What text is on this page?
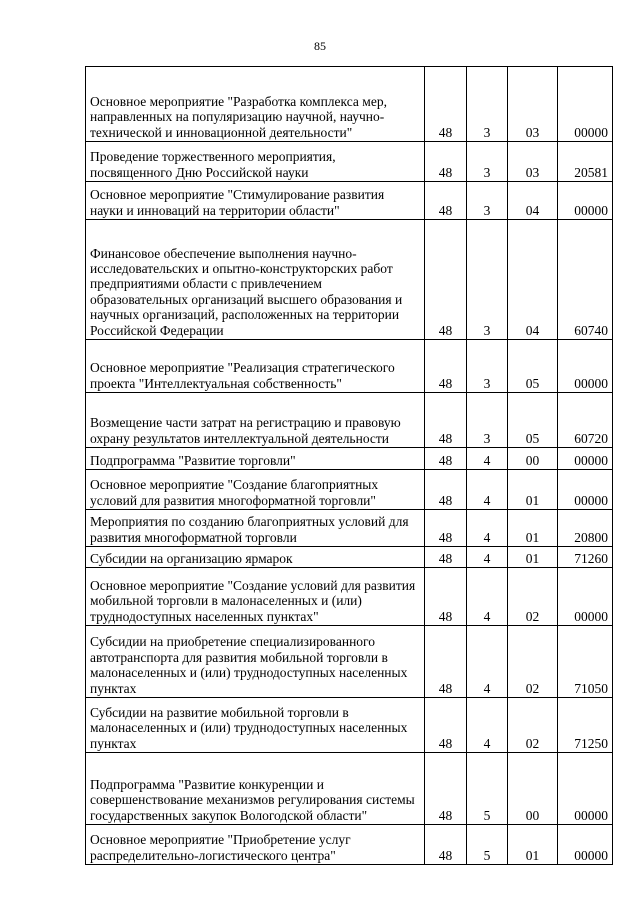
85
Основное мероприятие "Разработка комплекса мер, направленных на популяризацию научной, научно-технической и инновационной деятельности"	48	3	03	00000
Проведение торжественного мероприятия, посвященного Дню Российской науки	48	3	03	20581
Основное мероприятие "Стимулирование развития науки и инноваций на территории области"	48	3	04	00000
Финансовое обеспечение выполнения научно-исследовательских и опытно-конструкторских работ предприятиями области с привлечением образовательных организаций высшего образования и научных организаций, расположенных на территории Российской Федерации	48	3	04	60740
Основное мероприятие "Реализация стратегического проекта "Интеллектуальная собственность"	48	3	05	00000
Возмещение части затрат на регистрацию и правовую охрану результатов интеллектуальной деятельности	48	3	05	60720
Подпрограмма "Развитие торговли"	48	4	00	00000
Основное мероприятие "Создание благоприятных условий для развития многоформатной торговли"	48	4	01	00000
Мероприятия по созданию благоприятных условий для развития многоформатной торговли	48	4	01	20800
Субсидии на организацию ярмарок	48	4	01	71260
Основное мероприятие "Создание условий для развития мобильной торговли в малонаселенных и (или) труднодоступных населенных пунктах"	48	4	02	00000
Субсидии на приобретение специализированного автотранспорта для развития мобильной торговли в малонаселенных и (или) труднодоступных населенных пунктах	48	4	02	71050
Субсидии на развитие мобильной торговли в малонаселенных и (или) труднодоступных населенных пунктах	48	4	02	71250
Подпрограмма "Развитие конкуренции и совершенствование механизмов регулирования системы государственных закупок Вологодской области"	48	5	00	00000
Основное мероприятие "Приобретение услуг распределительно-логистического центра"	48	5	01	00000
